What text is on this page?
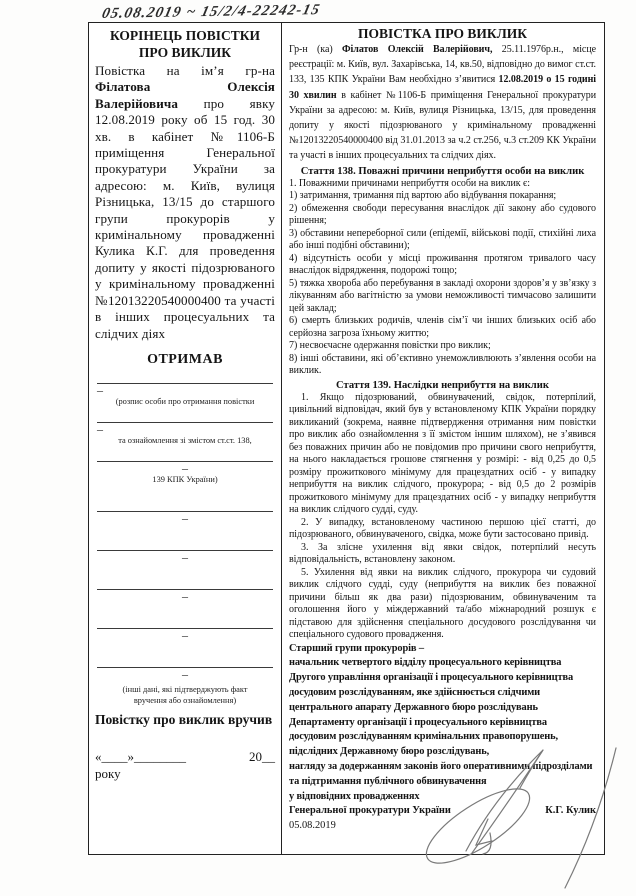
05.08.2019 ~ 15/2/4-22242-15
КОРІНЕЦЬ ПОВІСТКИ ПРО ВИКЛИК

Повістка на ім’я гр-на Філатова Олексія Валерійовича про явку 12.08.2019 року об 15 год. 30 хв. в кабінет №1106-Б приміщення Генеральної прокуратури України за адресою: м. Київ, вулиця Різницька, 13/15 до старшого групи прокурорів у кримінальному провадженні Кулика К.Г. для проведення допиту у якості підозрюваного у кримінальному провадженні №12013220540000400 та участі в інших процесуальних та слідчих діях

ОТРИМАВ
–
(розпис особи про отримання повістки
–
та ознайомлення зі змістом ст.ст. 138,
–
139 КПК України)
–
–
–
–
–
(інші дані, які підтверджують факт
вручення або ознайомлення)
Повістку про виклик вручив
«____»________	20__
року
ПОВІСТКА ПРО ВИКЛИК

Гр-н (ка) Філатов Олексій Валерійович, 25.11.1976р.н., місце реєстрації: м. Київ, вул. Захарівська, 14, кв.50, відповідно до вимог ст.ст. 133, 135 КПК України Вам необхідно з’явитися 12.08.2019 о 15 годині 30 хвилин в кабінет №1106-Б приміщення Генеральної прокуратури України за адресою: м. Київ, вулиця Різницька, 13/15, для проведення допиту у якості підозрюваного у кримінальному провадженні №12013220540000400 від 31.01.2013 за ч.2 ст.256, ч.3 ст.209 КК України та участі в інших процесуальних та слідчих діях.

Стаття 138. Поважні причини неприбуття особи на виклик

1. Поважними причинами неприбуття особи на виклик є:

1) затримання, тримання під вартою або відбування покарання;

2) обмеження свободи пересування внаслідок дії закону або судового рішення;

3) обставини непереборної сили (епідемії, військові події, стихійні лиха або інші подібні обставини);

4) відсутність особи у місці проживання протягом тривалого часу внаслідок відрядження, подорожі тощо;

5) тяжка хвороба або перебування в закладі охорони здоров’я у зв’язку з лікуванням або вагітністю за умови неможливості тимчасово залишити цей заклад;

6) смерть близьких родичів, членів сім’ї чи інших близьких осіб або серйозна загроза їхньому життю;

7) несвоєчасне одержання повістки про виклик;

8) інші обставини, які об’єктивно унеможливлюють з’явлення особи на виклик.

Стаття 139. Наслідки неприбуття на виклик

1. Якщо підозрюваний, обвинувачений, свідок, потерпілий, цивільний відповідач, який був у встановленому КПК України порядку викликаний (зокрема, наявне підтвердження отримання ним повістки про виклик або ознайомлення з її змістом іншим шляхом), не з’явився без поважних причин або не повідомив про причини свого неприбуття, на нього накладається грошове стягнення у розмірі: - від 0,25 до 0,5 розміру прожиткового мінімуму для працездатних осіб - у випадку неприбуття на виклик слідчого, прокурора; - від 0,5 до 2 розмірів прожиткового мінімуму для працездатних осіб - у випадку неприбуття на виклик слідчого судді, суду.

2. У випадку, встановленому частиною першою цієї статті, до підозрюваного, обвинуваченого, свідка, може бути застосовано привід.

3. За злісне ухилення від явки свідок, потерпілий несуть відповідальність, встановлену законом.

5. Ухилення від явки на виклик слідчого, прокурора чи судовий виклик слідчого судді, суду (неприбуття на виклик без поважної причини більш як два рази) підозрюваним, обвинуваченим та оголошення його у міждержавний та/або міжнародний розшук є підставою для здійснення спеціального досудового розслідування чи спеціального судового провадження.

Старший групи прокурорів –
начальник четвертого відділу процесуального керівництва
Другого управління організації і процесуального керівництва
досудовим розслідуванням, яке здійснюється слідчими
центрального апарату Державного бюро розслідувань
Департаменту організації і процесуального керівництва
досудовим розслідуванням кримінальних правопорушень,
підслідних Державному бюро розслідувань,
нагляду за додержанням законів його оперативними підрозділами
та підтримання публічного обвинувачення
у відповідних провадженнях
Генеральної прокуратури України	К.Г. Кулик
05.08.2019
